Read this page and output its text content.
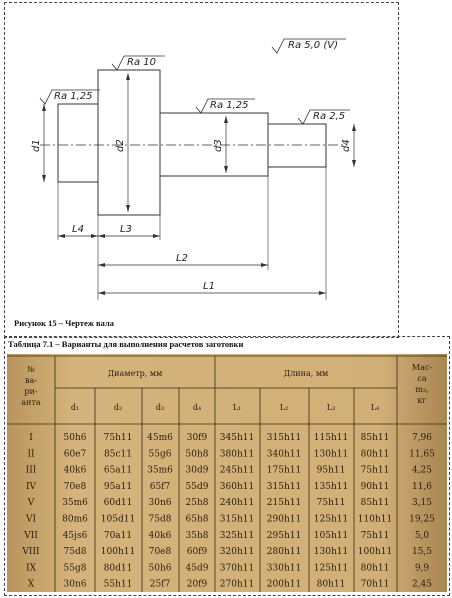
Ra 1,25
Ra 10
Ra 1,25
Ra 2,5
Ra 5,0 (V)
d1	d2	d3	d4
L4	L3
L2
L1
Рисунок 15 – Чертеж вала
Таблица 7.1 – Варианты для выполнения расчетов заготовки
№
ва-
ри-
анта
Диаметр, мм	Длина, мм
Мас-
са
m₃,
кг
d₁	d₂	d₃	d₄	L₁	L₂	L₃	L₄
I	50h6 75h11 45m6 30f9 345h11 315h11 115h11 85h11	7,96
II	60e7 85c11 55g6 50h8 380h11 340h11 130h11 80h11 11,65
III	40k6 65a11 35m6 30d9 245h11 175h11 95h11 75h11	4,25
IV	70e8 95a11 65f7 55d9 360h11 315h11 135h11 90h11	11,6
V	35m6 60d11 30n6 25h8 240h11 215h11 75h11 85h11	3,15
VI	80m6 105d11 75d8 65h8 315h11 290h11 125h11 110h11 19,25
VII	45js6 70a11 40k6 35h8 325h11 295h11 105h11 75h11	5,0
VIII	75d8 100h11 70e8 60f9 320h11 280h11 130h11 100h11 15,5
IX	55g8 80d11 50h6 45d9 370h11 330h11 125h11 80h11	9,9
X	30n6 55h11 25f7 20f9 270h11 200h11 80h11 70h11	2,45
